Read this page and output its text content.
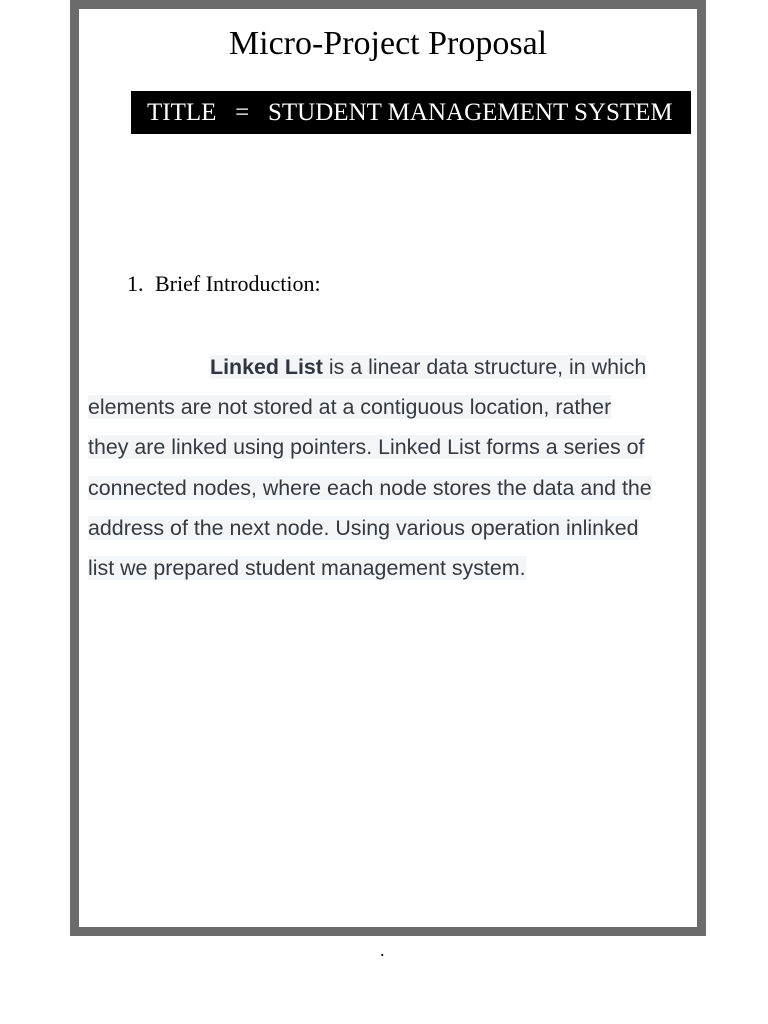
Micro-Project Proposal
TITLE   =   STUDENT MANAGEMENT SYSTEM
1. Brief Introduction:
Linked List is a linear data structure, in which
elements are not stored at a contiguous location, rather
they are linked using pointers. Linked List forms a series of
connected nodes, where each node stores the data and the
address of the next node. Using various operation inlinked
list we prepared student management system.
.
